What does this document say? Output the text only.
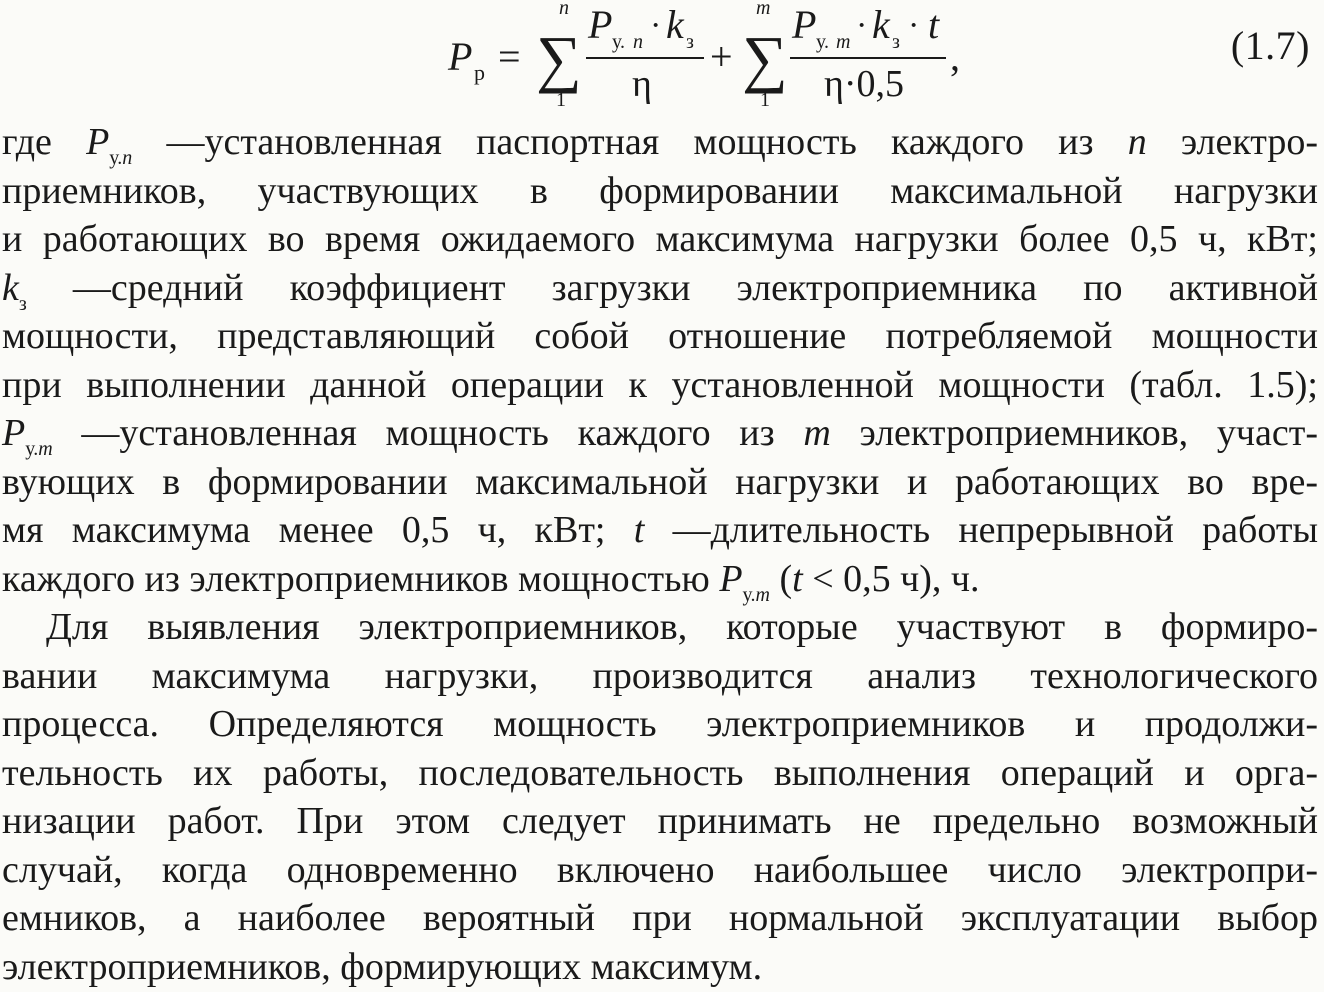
P р =
n
∑
1
P у. n · k з
η
+
m
∑
1
P у. m · k з · t
η·0,5
,	(1.7)
где $P_{у.n}$ —установленная паспортная мощность каждого из n электро-
приемников, участвующих в формировании максимальной нагрузки
и работающих во время ожидаемого максимума нагрузки более 0,5 ч, кВт;
$k_з$ —средний коэффициент загрузки электроприемника по активной
мощности, представляющий собой отношение потребляемой мощности
при выполнении данной операции к установленной мощности (табл. 1.5);
$P_{у.m}$ —установленная мощность каждого из m электроприемников, участ-
вующих в формировании максимальной нагрузки и работающих во вре-
мя максимума менее 0,5 ч, кВт; t —длительность непрерывной работы
каждого из электроприемников мощностью $P_{у.m}$ (t < 0,5 ч), ч.
Для выявления электроприемников, которые участвуют в формиро-
вании максимума нагрузки, производится анализ технологического
процесса. Определяются мощность электроприемников и продолжи-
тельность их работы, последовательность выполнения операций и орга-
низации работ. При этом следует принимать не предельно возможный
случай, когда одновременно включено наибольшее число электропри-
емников, а наиболее вероятный при нормальной эксплуатации выбор
электроприемников, формирующих максимум.
